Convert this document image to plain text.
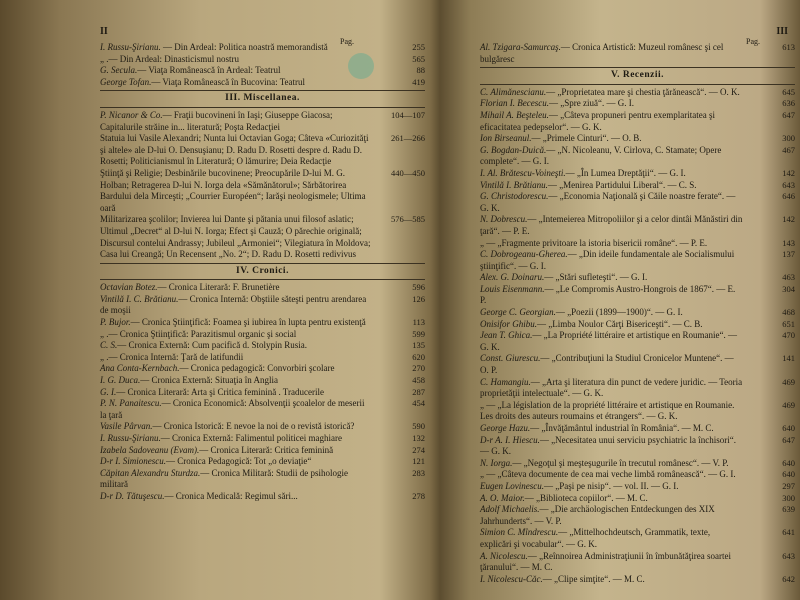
II
Pag.
I. Russu-Şirianu. — Din Ardeal: Politica noastră memorandistă	255
„ .— Din Ardeal: Dinasticismul nostru	565
G. Secula.— Viaţa Românească în Ardeal: Teatrul	88
George Tofan.— Viaţa Românească în Bucovina: Teatrul	419
III. Miscellanea.
P. Nicanor & Co.— Fraţii bucovineni în Iaşi; Giuseppe Giacosa; Capitalurile străine in... literatură; Poşta Redacţiei
104—107
Statuia lui Vasile Alexandri; Nunta lui Octavian Goga; Câteva «Curiozităţi şi altele» ale D-lui O. Densuşianu; D. Radu D. Rosetti despre d. Radu D. Rosetti; Politicianismul în Literatură; O lămurire; Deia Redacţie
261—266
Ştiinţă şi Religie; Desbinările bucovinene; Preocupările D-lui M. G. Holban; Retragerea D-lui N. Iorga dela «Sămănătorul»; Sărbătorirea Bardului dela Mirceşti; „Courrier Européen“; Iarăşi neologismele; Ultima oară
440—450
Militarizarea şcolilor; Invierea lui Dante şi pătania unui filosof aslatic; Ultimul „Decret“ al D-lui N. Iorga; Efect şi Cauză; O părechie originală; Discursul contelui Andrassy; Jubileul „Armoniei“; Vilegiatura în Moldova; Casa lui Creangă; Un Recensent „No. 2“; D. Radu D. Rosetti redivivus
576—585
IV. Cronici.
Octavian Botez.— Cronica Literară: F. Brunetière	596
Vintilă I. C. Brătianu.— Cronica Internă: Obştiile săteşti pentru arendarea de moşii
126
P. Bujor.— Cronica Ştiinţifică: Foamea şi iubirea în lupta pentru existenţă	113
„ .— Cronica Ştiinţifică: Parazitismul organic şi social	599
C. S.— Cronica Externă: Cum pacifică d. Stolypin Rusia.	135
„ .— Cronica Internă: Ţară de latifundii	620
Ana Conta-Kernbach.— Cronica pedagogică: Convorbiri şcolare	270
I. G. Duca.— Cronica Externă: Situaţia în Anglia	458
G. I.— Cronica Literară: Arta şi Critica feminină . Traducerile	287
P. N. Panaitescu.— Cronica Economică: Absolvenţii şcoalelor de meserii la ţară
454
Vasile Pârvan.— Cronica Istorică: E nevoe la noi de o revistă istorică?	590
I. Russu-Şirianu.— Cronica Externă: Falimentul politicei maghiare	132
Izabela Sadoveanu (Evam).— Cronica Literară: Critica feminină	274
D-r I. Simionescu.— Cronica Pedagogică: Tot „o deviaţie“	121
Căpitan Alexandru Sturdza.— Cronica Militară: Studii de psihologie militară
283
D-r D. Tătuşescu.— Cronica Medicală: Regimul sări...	278
III
Pag.
Al. Tzigara-Samurcaş.— Cronica Artistică: Muzeul românesc şi cel bulgăresc
613
V. Recenzii.
C. Alimănescianu.— „Proprietatea mare şi chestia ţărănească“. — O. K.	645
Florian I. Becescu.— „Spre ziuă“. — G. I.	636
Mihail A. Beşteleu.— „Câteva propuneri pentru exemplaritatea şi eficacitatea pedepselor“. — G. K.
647
Ion Birseanul.— „Primele Cinturi“. — O. B.	300
G. Bogdan-Duică.— „N. Nicoleanu, V. Cirlova, C. Stamate; Opere complete“. — G. I.
467
I. Al. Brătescu-Voineşti.— „În Lumea Dreptăţii“. — G. I.	142
Vintilă I. Brătianu.— „Menirea Partidului Liberal“. — C. S.	643
G. Christodorescu.— „Economia Naţională şi Căile noastre ferate“. — G. K.
646
N. Dobrescu.— „Intemeierea Mitropoliilor şi a celor dintâi Mănăstiri din ţară“. — P. E.
142
„ — „Fragmente privitoare la istoria bisericii române“. — P. E.	143
C. Dobrogeanu-Gherea.— „Din ideile fundamentale ale Socialismului ştiinţific“. — G. I.
137
Alex. G. Doinaru.— „Stări sufleteşti“. — G. I.	463
Louis Eisenmann.— „Le Compromis Austro-Hongrois de 1867“. — E. P.
304
George C. Georgian.— „Poezii (1899—1900)“. — G. I.	468
Onisifor Ghibu.— „Limba Noulor Cărţi Bisericeşti“. — C. B.	651
Jean T. Ghica.— „La Propriété littéraire et artistique en Roumanie“. — G. K.
470
Const. Giurescu.— „Contribuţiuni la Studiul Cronicelor Muntene“. — O. P.
141
C. Hamangiu.— „Arta şi literatura din punct de vedere juridic. — Teoria proprietăţii intelectuale“. — G. K.
469
„ — „La législation de la propriété littéraire et artistique en Roumanie. Les droits des auteurs roumains et étrangers“. — G. K.
469
George Hazu.— „Învăţământul industrial în România“. — M. C.	640
D-r A. I. Hiescu.— „Necesitatea unui serviciu psychiatric la închisori“. — G. K.
647
N. Iorga.— „Negoţul şi meşteşugurile în trecutul românesc“. — V. P.	640
„ — „Câteva documente de cea mai veche limbă românească“. — G. I.	640
Eugen Lovinescu.— „Paşi pe nisip“. — vol. II. — G. I.	297
A. O. Maior.— „Biblioteca copiilor“. — M. C.	300
Adolf Michaelis.— „Die archäologischen Entdeckungen des XIX Jahrhunderts“. — V. P.
639
Simion C. Mîndrescu.— „Mittelhochdeutsch, Grammatik, texte, explicări şi vocabular“. — G. K.
641
A. Nicolescu.— „Reînnoirea Administraţiunii în îmbunătăţirea soartei ţăranului“. — M. C.
643
I. Nicolescu-Căc.— „Clipe simţite“. — M. C.	642
